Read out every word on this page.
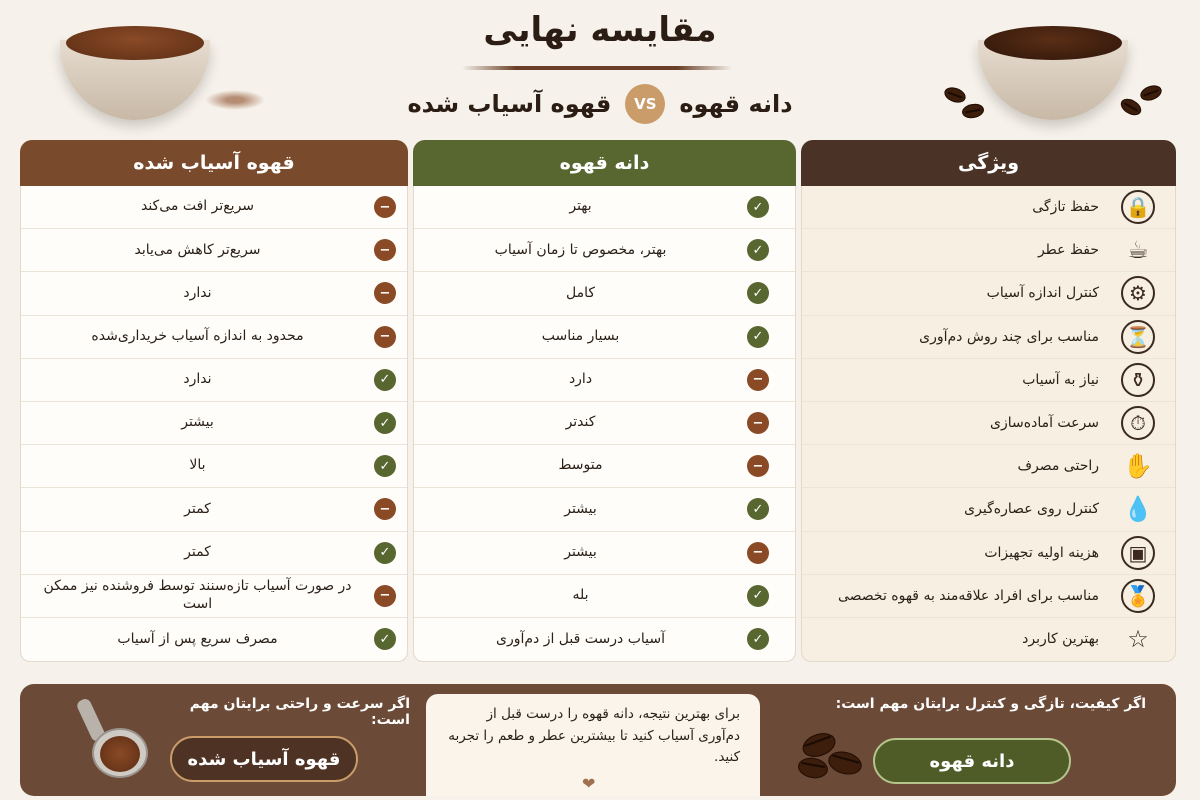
مقایسه نهایی
دانه قهوه
VS
قهوه آسیاب شده
قهوه آسیاب شده
−
سریع‌تر افت می‌کند
−
سریع‌تر کاهش می‌یابد
−
ندارد
−
محدود به اندازه آسیاب خریداری‌شده
✓
ندارد
✓
بیشتر
✓
بالا
−
کمتر
✓
کمتر
−
در صورت آسیاب تازه‌سنند توسط فروشنده نیز ممکن است
✓
مصرف سریع پس از آسیاب
دانه قهوه
✓
بهتر
✓
بهتر، مخصوص تا زمان آسیاب
✓
کامل
✓
بسیار مناسب
−
دارد
−
کندتر
−
متوسط
✓
بیشتر
−
بیشتر
✓
بله
✓
آسیاب درست قبل از دم‌آوری
ویژگی
🔒
حفظ تازگی
☕
حفظ عطر
⚙
کنترل اندازه آسیاب
⏳
مناسب برای چند روش دم‌آوری
⚱
نیاز به آسیاب
⏱
سرعت آماده‌سازی
✋
راحتی مصرف
💧
کنترل روی عصاره‌گیری
▣
هزینه اولیه تجهیزات
🏅
مناسب برای افراد علاقه‌مند به قهوه تخصصی
☆
بهترین کاربرد
اگر سرعت و راحتی برایتان مهم است:
قهوه آسیاب شده
برای بهترین نتیجه، دانه قهوه را درست قبل از دم‌آوری آسیاب کنید تا بیشترین عطر و طعم را تجربه کنید.
اگر کیفیت، تازگی و کنترل برایتان مهم است:
دانه قهوه
❤
